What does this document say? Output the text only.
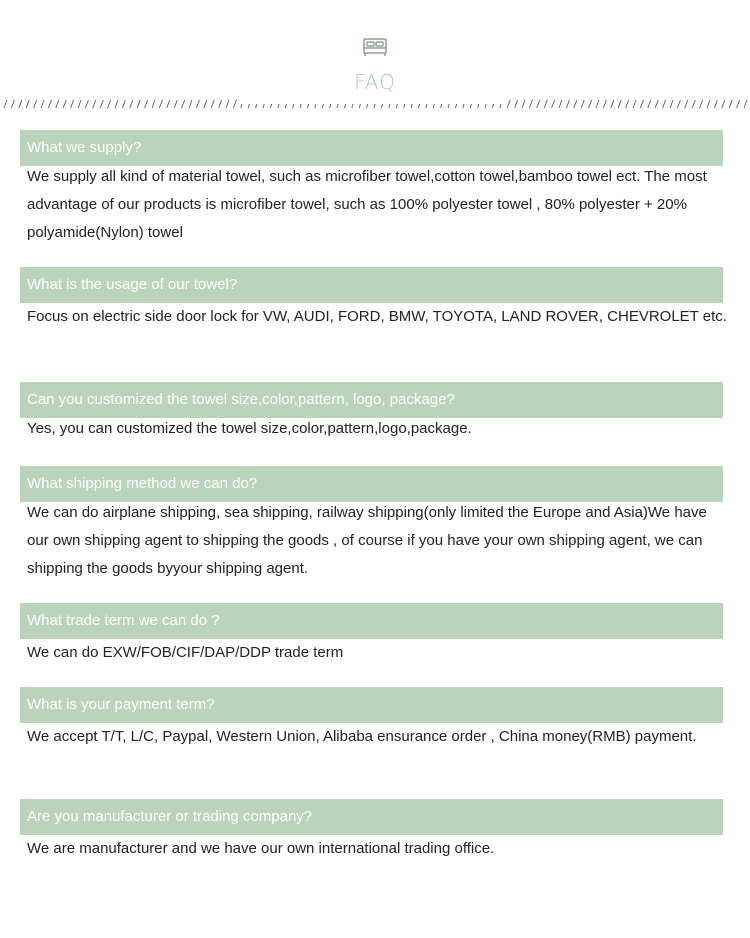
FAQ
What we supply?
We supply all kind of material towel, such as microfiber towel,cotton towel,bamboo towel ect. The most advantage of our products is microfiber towel, such as 100% polyester towel , 80% polyester + 20% polyamide(Nylon) towel
What is the usage of our towel?
Focus on electric side door lock for VW, AUDI, FORD, BMW, TOYOTA, LAND ROVER, CHEVROLET etc.
Can you customized the towel size,color,pattern, logo, package?
Yes, you can customized the towel size,color,pattern,logo,package.
What shipping method we can do?
We can do airplane shipping, sea shipping, railway shipping(only limited the Europe and Asia)We have our own shipping agent to shipping the goods , of course if you have your own shipping agent, we can shipping the goods byyour shipping agent.
What trade term we can do ?
We can do EXW/FOB/CIF/DAP/DDP trade term
What is your payment term?
We accept T/T, L/C, Paypal, Western Union, Alibaba ensurance order , China money(RMB) payment.
Are you manufacturer or trading company?
We are manufacturer and we have our own international trading office.
